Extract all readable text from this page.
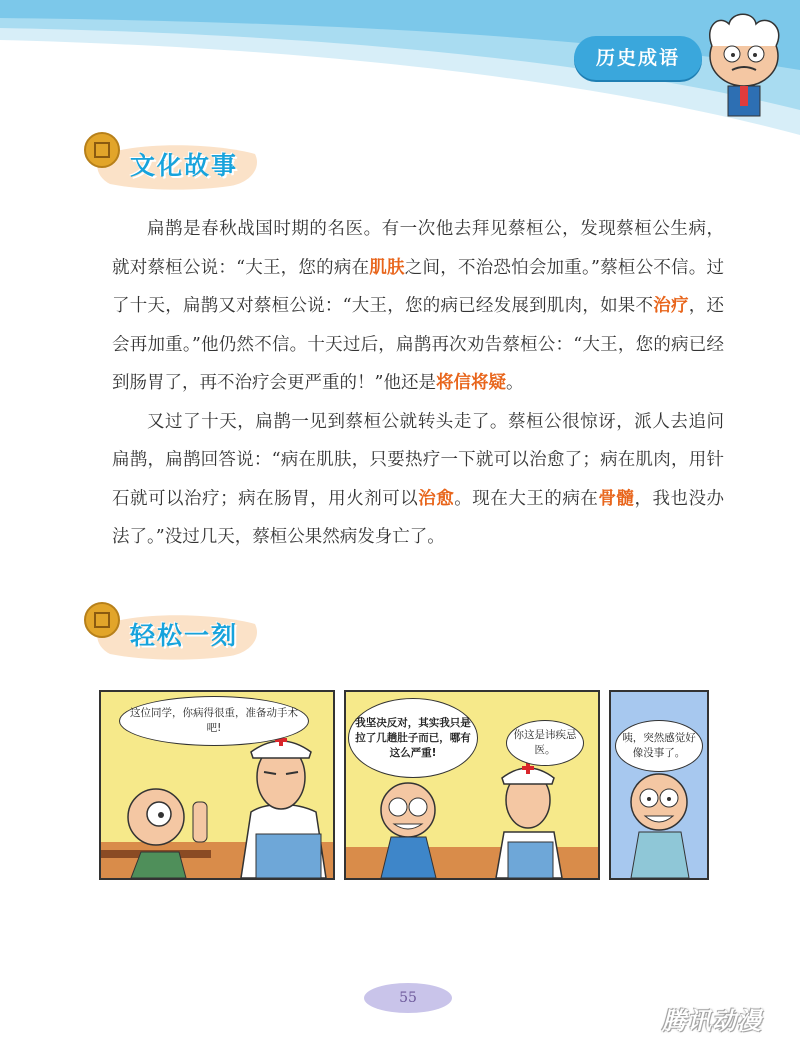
历史成语
文化故事

扁鹊是春秋战国时期的名医。有一次他去拜见蔡桓公，发现蔡桓公生病，就对蔡桓公说：“大王，您的病在肌肤之间，不治恐怕会加重。”蔡桓公不信。过了十天，扁鹊又对蔡桓公说：“大王，您的病已经发展到肌肉，如果不治疗，还会再加重。”他仍然不信。十天过后，扁鹊再次劝告蔡桓公：“大王，您的病已经到肠胃了，再不治疗会更严重的！”他还是将信将疑。

又过了十天，扁鹊一见到蔡桓公就转头走了。蔡桓公很惊讶，派人去追问扁鹊，扁鹊回答说：“病在肌肤，只要热疗一下就可以治愈了；病在肌肉，用针石就可以治疗；病在肠胃，用火剂可以治愈。现在大王的病在骨髓，我也没办法了。”没过几天，蔡桓公果然病发身亡了。

轻松一刻
这位同学，你病得很重，准备动手术吧!	我坚决反对，其实我只是拉了几趟肚子而已，哪有这么严重!
你这是讳疾忌医。
咦，突然感觉好像没事了。
55
腾讯动漫
